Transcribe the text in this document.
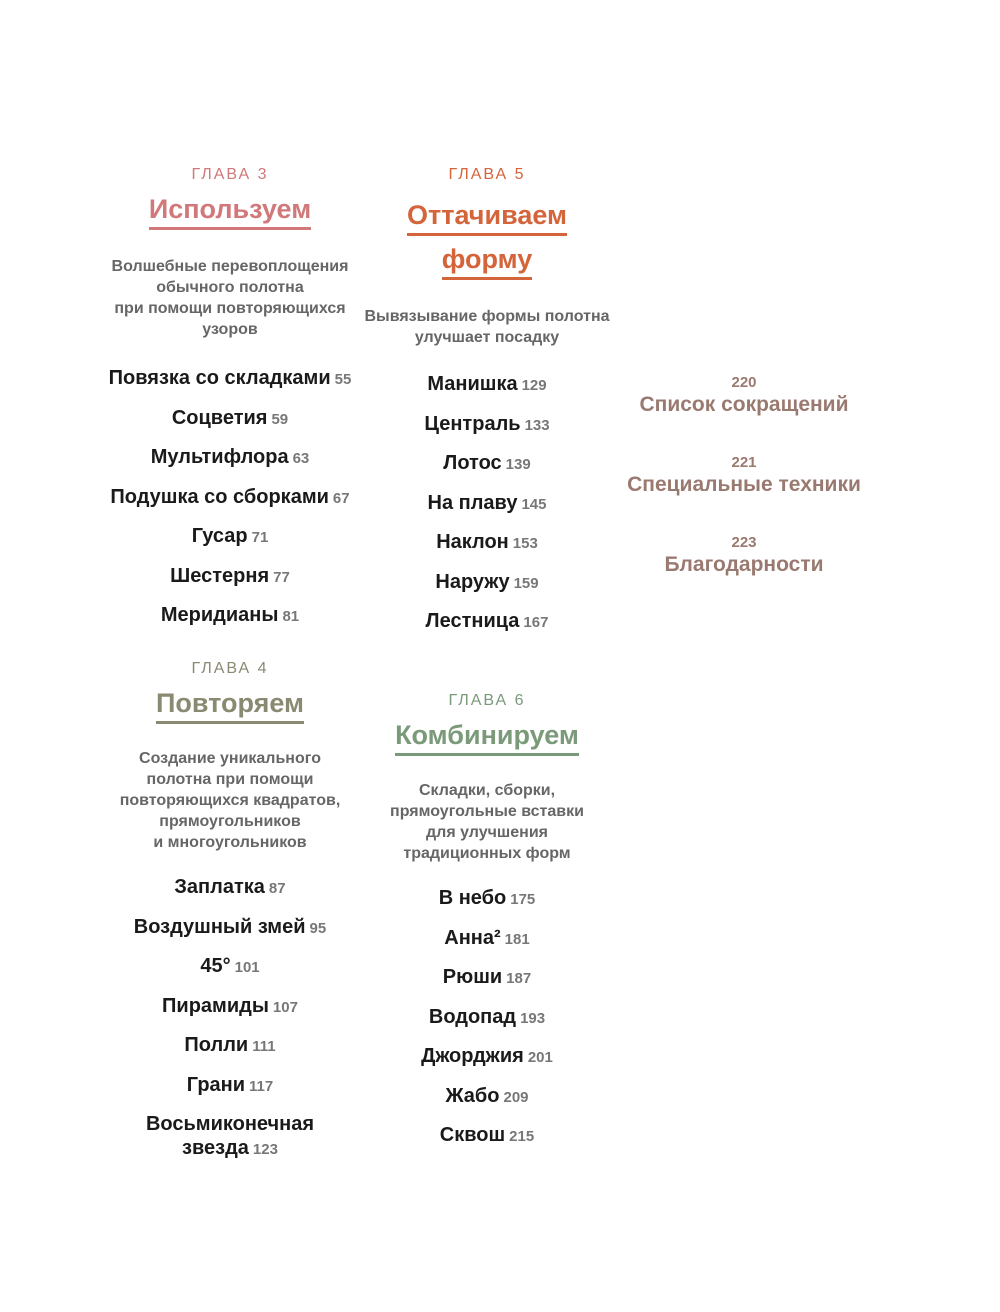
ГЛАВА 3
Используем
Волшебные перевоплощения
обычного полотна
при помощи повторяющихся
узоров
Повязка со складками 55
Соцветия 59
Мультифлора 63
Подушка со сборками 67
Гусар 71
Шестерня 77
Меридианы 81
ГЛАВА 4
Повторяем
Создание уникального
полотна при помощи
повторяющихся квадратов,
прямоугольников
и многоугольников
Заплатка 87
Воздушный змей 95
45° 101
Пирамиды 107
Полли 111
Грани 117
Восьмиконечная
звезда 123
ГЛАВА 5
Оттачиваем
форму
Вывязывание формы полотна
улучшает посадку
Манишка 129
Централь 133
Лотос 139
На плаву 145
Наклон 153
Наружу 159
Лестница 167
ГЛАВА 6
Комбинируем
Складки, сборки,
прямоугольные вставки
для улучшения
традиционных форм
В небо 175
Анна² 181
Рюши 187
Водопад 193
Джорджия 201
Жабо 209
Сквош 215
220
Список сокращений
221
Специальные техники
223
Благодарности
